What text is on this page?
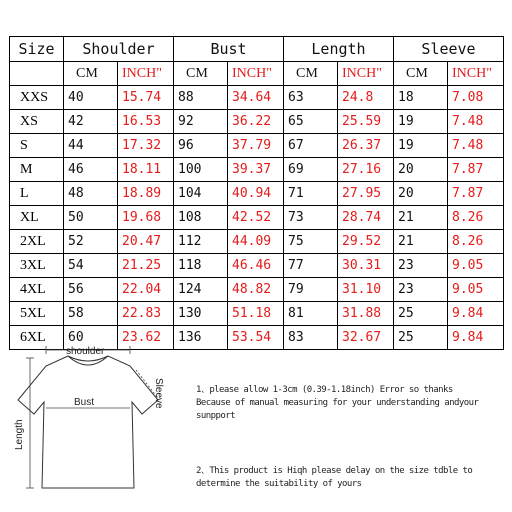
Size	Shoulder		Bust		Length		Sleeve	
	CM	INCH"	CM	INCH"	CM	INCH"	CM	INCH"
XXS	40	15.74	88	34.64	63	24.8	18	7.08
XS	42	16.53	92	36.22	65	25.59	19	7.48
S	44	17.32	96	37.79	67	26.37	19	7.48
M	46	18.11	100	39.37	69	27.16	20	7.87
L	48	18.89	104	40.94	71	27.95	20	7.87
XL	50	19.68	108	42.52	73	28.74	21	8.26
2XL	52	20.47	112	44.09	75	29.52	21	8.26
3XL	54	21.25	118	46.46	77	30.31	23	9.05
4XL	56	22.04	124	48.82	79	31.10	23	9.05
5XL	58	22.83	130	51.18	81	31.88	25	9.84
6XL	60	23.62	136	53.54	83	32.67	25	9.84
shoulder
Bust
Length
Sleeve	1、please allow 1-3cm (0.39-1.18inch) Error so thanks
Because of manual measuring for your understanding andyour
sunpport
2、This product is Hiqh please delay on the size tdble to
determine the suitability of yours
